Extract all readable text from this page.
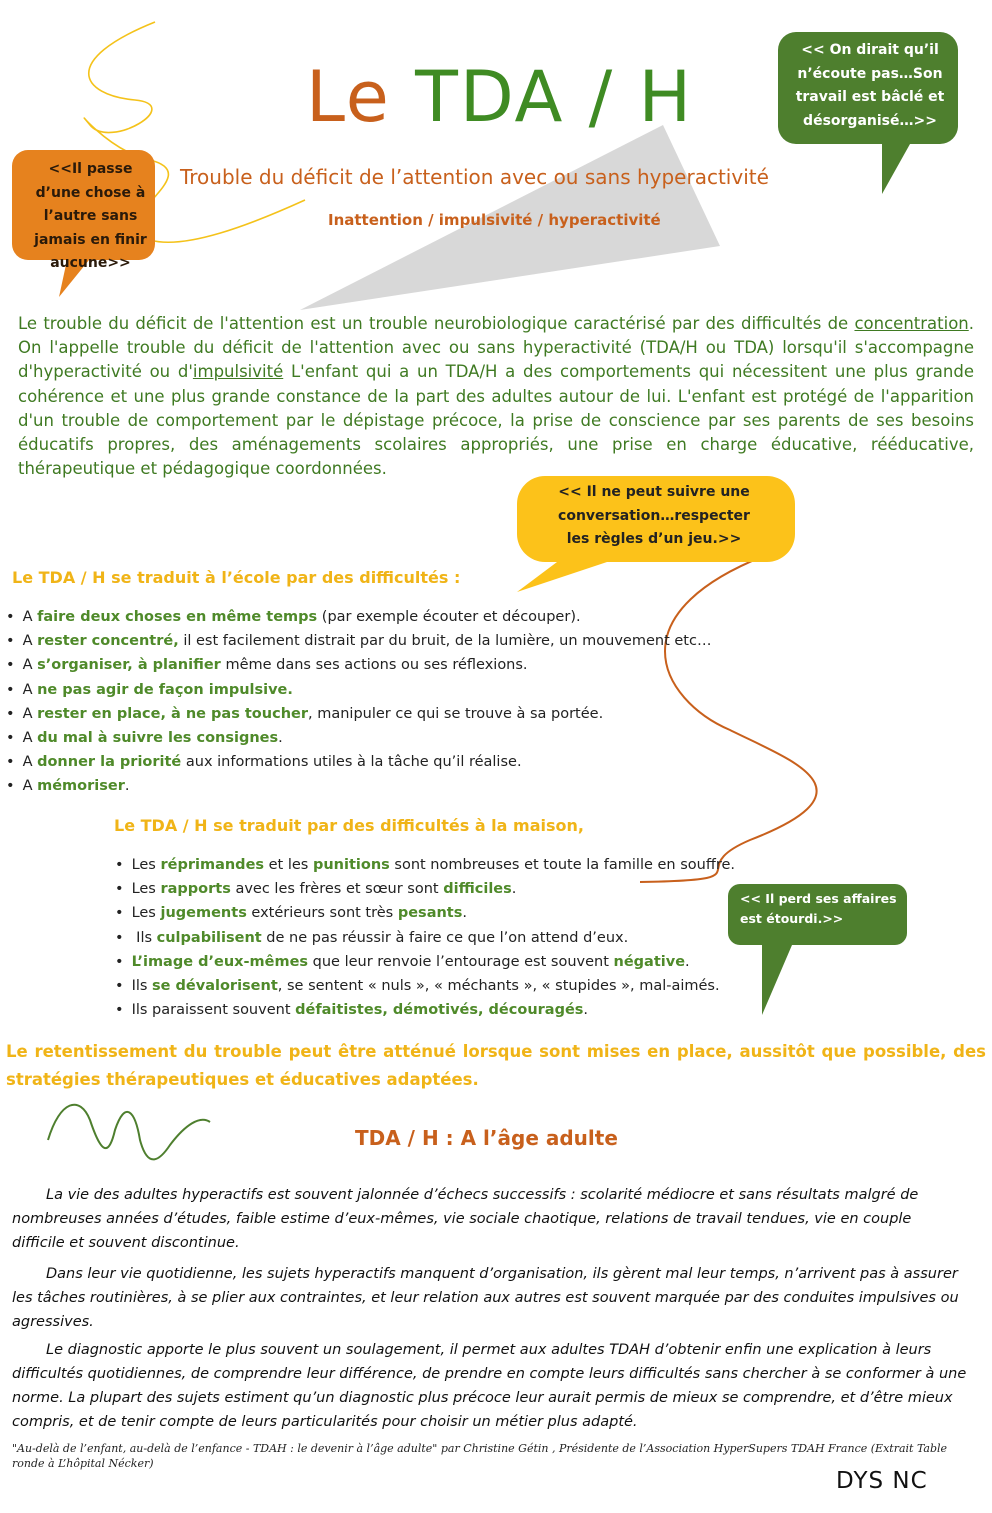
Le TDA / H
Trouble du déficit de l’attention avec ou sans hyperactivité
Inattention / impulsivité / hyperactivité
<<Il passe d’une chose à l’autre sans jamais en finir aucune>>
<< On dirait qu’il n’écoute pas…Son travail est bâclé et désorganisé…>>
<< Il ne peut suivre une conversation…respecter les règles d’un jeu.>>
<< Il perd ses affaires est étourdi.>>
Le trouble du déficit de l'attention est un trouble neurobiologique caractérisé par des difficultés de concentration. On l'appelle trouble du déficit de l'attention avec ou sans hyperactivité (TDA/H ou TDA) lorsqu'il s'accompagne d'hyperactivité ou d'impulsivité L'enfant qui a un TDA/H a des comportements qui nécessitent une plus grande cohérence et une plus grande constance de la part des adultes autour de lui. L'enfant est protégé de l'apparition d'un trouble de comportement par le dépistage précoce, la prise de conscience par ses parents de ses besoins éducatifs propres, des aménagements scolaires appropriés, une prise en charge éducative, rééducative, thérapeutique et pédagogique coordonnées.
Le TDA / H se traduit à l’école par des difficultés :
• A faire deux choses en même temps (par exemple écouter et découper).
• A rester concentré, il est facilement distrait par du bruit, de la lumière, un mouvement etc…
• A s’organiser, à planifier même dans ses actions ou ses réflexions.
• A ne pas agir de façon impulsive.
• A rester en place, à ne pas toucher, manipuler ce qui se trouve à sa portée.
• A du mal à suivre les consignes.
• A donner la priorité aux informations utiles à la tâche qu’il réalise.
• A mémoriser.
Le TDA / H se traduit par des difficultés à la maison,
• Les réprimandes et les punitions sont nombreuses et toute la famille en souffre.
• Les rapports avec les frères et sœur sont difficiles.
• Les jugements extérieurs sont très pesants.
• Ils culpabilisent de ne pas réussir à faire ce que l’on attend d’eux.
• L’image d’eux-mêmes que leur renvoie l’entourage est souvent négative.
• Ils se dévalorisent, se sentent « nuls », « méchants », « stupides », mal-aimés.
• Ils paraissent souvent défaitistes, démotivés, découragés.
Le retentissement du trouble peut être atténué lorsque sont mises en place, aussitôt que possible, des stratégies thérapeutiques et éducatives adaptées.
TDA / H : A l’âge adulte
La vie des adultes hyperactifs est souvent jalonnée d’échecs successifs : scolarité médiocre et sans résultats malgré de nombreuses années d’études, faible estime d’eux-mêmes, vie sociale chaotique, relations de travail tendues, vie en couple difficile et souvent discontinue.
Dans leur vie quotidienne, les sujets hyperactifs manquent d’organisation, ils gèrent mal leur temps, n’arrivent pas à assurer les tâches routinières, à se plier aux contraintes, et leur relation aux autres est souvent marquée par des conduites impulsives ou agressives.
Le diagnostic apporte le plus souvent un soulagement, il permet aux adultes TDAH d’obtenir enfin une explication à leurs difficultés quotidiennes, de comprendre leur différence, de prendre en compte leurs difficultés sans chercher à se conformer à une norme. La plupart des sujets estiment qu’un diagnostic plus précoce leur aurait permis de mieux se comprendre, et d’être mieux compris, et de tenir compte de leurs particularités pour choisir un métier plus adapté.
"Au-delà de l’enfant, au-delà de l’enfance - TDAH : le devenir à l’âge adulte" par Christine Gétin , Présidente de l’Association HyperSupers TDAH France (Extrait Table ronde à L’hôpital Nécker)
DYS NC
